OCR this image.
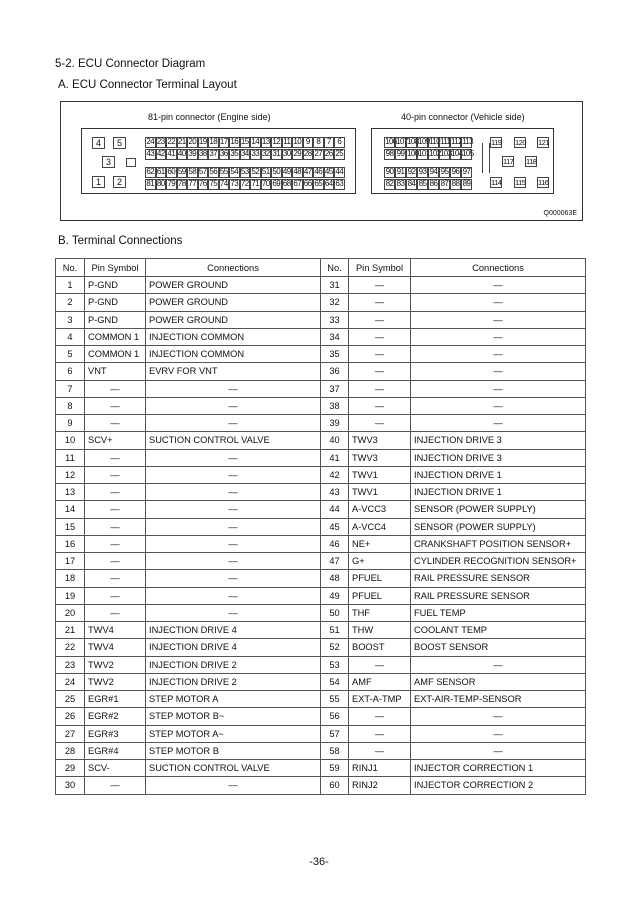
5-2. ECU Connector Diagram
A. ECU Connector Terminal Layout
81-pin connector (Engine side)	40-pin connector (Vehicle side)
4	5
3
1	2
24 23 22 21 20 19 18 17 16 15 14 13 12 11 10 9 8 7 6
43 42 41 40 39 38 37 36 35 34 33 32 31 30 29 28 27 26 25
62 61 60 59 58 57 56 55 54 53 52 51 50 49 48 47 46 45 44
81 80 79 78 77 76 75 74 73 72 71 70 69 68 67 66 65 64 63
106 107 108 109 110 111 112 113
98 99 100 101 102 103 104 105
90 91 92 93 94 95 96 97
82 83 84 85 86 87 88 89
119 120 121
117 118
114 115 116
Q000063E
B. Terminal Connections
No.	Pin Symbol	Connections	No.	Pin Symbol	Connections
1	P-GND	POWER GROUND	31	—	—
2	P-GND	POWER GROUND	32	—	—
3	P-GND	POWER GROUND	33	—	—
4	COMMON 1	INJECTION COMMON	34	—	—
5	COMMON 1	INJECTION COMMON	35	—	—
6	VNT	EVRV FOR VNT	36	—	—
7	—	—	37	—	—
8	—	—	38	—	—
9	—	—	39	—	—
10	SCV+	SUCTION CONTROL VALVE	40	TWV3	INJECTION DRIVE 3
11	—	—	41	TWV3	INJECTION DRIVE 3
12	—	—	42	TWV1	INJECTION DRIVE 1
13	—	—	43	TWV1	INJECTION DRIVE 1
14	—	—	44	A-VCC3	SENSOR (POWER SUPPLY)
15	—	—	45	A-VCC4	SENSOR (POWER SUPPLY)
16	—	—	46	NE+	CRANKSHAFT POSITION SENSOR+
17	—	—	47	G+	CYLINDER RECOGNITION SENSOR+
18	—	—	48	PFUEL	RAIL PRESSURE SENSOR
19	—	—	49	PFUEL	RAIL PRESSURE SENSOR
20	—	—	50	THF	FUEL TEMP
21	TWV4	INJECTION DRIVE 4	51	THW	COOLANT TEMP
22	TWV4	INJECTION DRIVE 4	52	BOOST	BOOST SENSOR
23	TWV2	INJECTION DRIVE 2	53	—	—
24	TWV2	INJECTION DRIVE 2	54	AMF	AMF SENSOR
25	EGR#1	STEP MOTOR A	55	EXT-A-TMP	EXT-AIR-TEMP-SENSOR
26	EGR#2	STEP MOTOR B~	56	—	—
27	EGR#3	STEP MOTOR A~	57	—	—
28	EGR#4	STEP MOTOR B	58	—	—
29	SCV-	SUCTION CONTROL VALVE	59	RINJ1	INJECTOR CORRECTION 1
30	—	—	60	RINJ2	INJECTOR CORRECTION 2
-36-
